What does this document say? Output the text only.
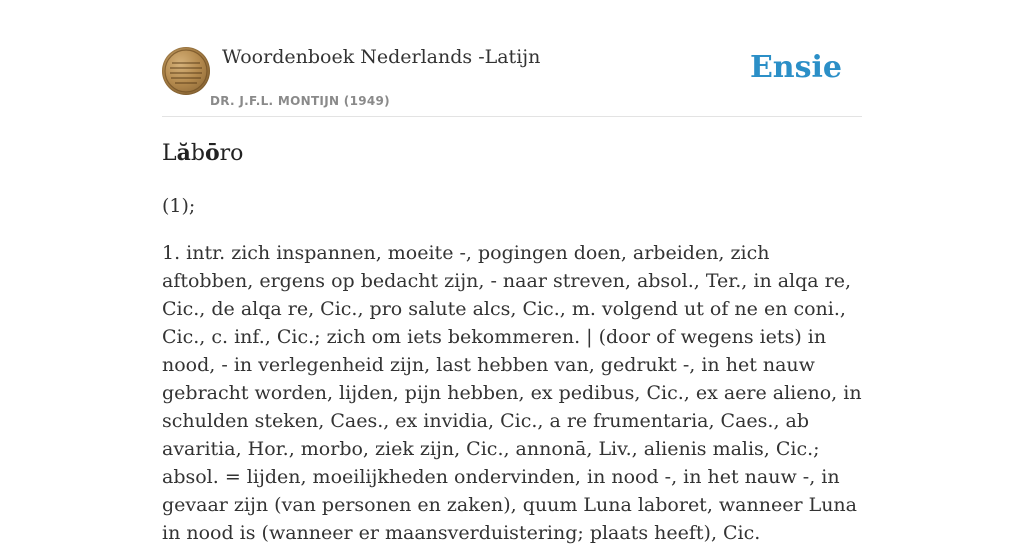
Woordenboek Nederlands -Latijn
DR. J.F.L. MONTIJN (1949)
Ensie
Lăbōro

(1);

1. intr. zich inspannen, moeite -, pogingen doen, arbeiden, zich aftobben, ergens op bedacht zijn, - naar streven, absol., Ter., in alqa re, Cic., de alqa re, Cic., pro salute alcs, Cic., m. volgend ut of ne en coni., Cic., c. inf., Cic.; zich om iets bekommeren. | (door of wegens iets) in nood, - in verlegenheid zijn, last hebben van, gedrukt -, in het nauw gebracht worden, lijden, pijn hebben, ex pedibus, Cic., ex aere alieno, in schulden steken, Caes., ex invidia, Cic., a re frumentaria, Caes., ab avaritia, Hor., morbo, ziek zijn, Cic., annonā, Liv., alienis malis, Cic.; absol. = lijden, moeilijkheden ondervinden, in nood -, in het nauw -, in gevaar zijn (van personen en zaken), quum Luna laboret, wanneer Luna in nood is (wanneer er maansverduistering; plaats heeft), Cic.
